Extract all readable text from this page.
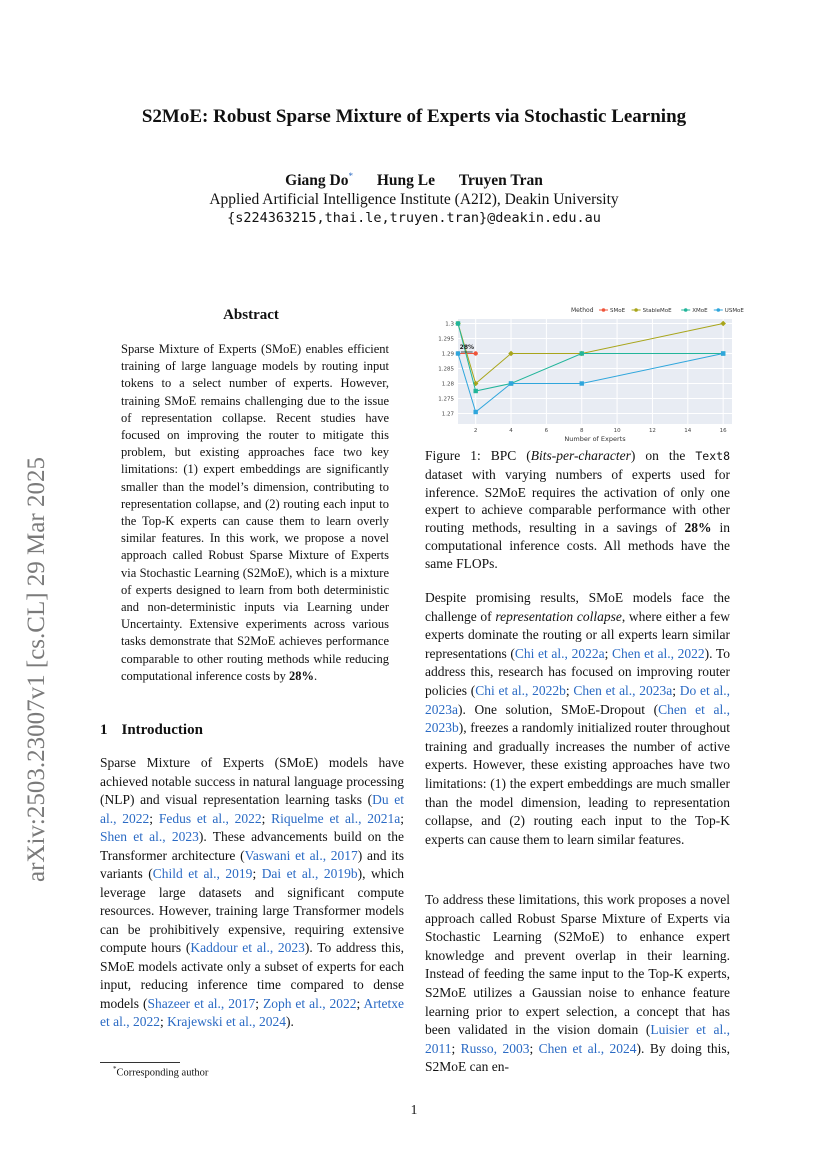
S2MoE: Robust Sparse Mixture of Experts via Stochastic Learning
Giang Do* Hung Le Truyen Tran
Applied Artificial Intelligence Institute (A2I2), Deakin University
{s224363215,thai.le,truyen.tran}@deakin.edu.au
arXiv:2503.23007v1 [cs.CL] 29 Mar 2025
Abstract

Sparse Mixture of Experts (SMoE) enables efficient training of large language models by routing input tokens to a select number of experts. However, training SMoE remains challenging due to the issue of representation collapse. Recent studies have focused on improving the router to mitigate this problem, but existing approaches face two key limitations: (1) expert embeddings are significantly smaller than the model’s dimension, contributing to representation collapse, and (2) routing each input to the Top-K experts can cause them to learn overly similar features. In this work, we propose a novel approach called Robust Sparse Mixture of Experts via Stochastic Learning (S2MoE), which is a mixture of experts designed to learn from both deterministic and non-deterministic inputs via Learning under Uncertainty. Extensive experiments across various tasks demonstrate that S2MoE achieves performance comparable to other routing methods while reducing computational inference costs by 28%.

1 Introduction

Sparse Mixture of Experts (SMoE) models have achieved notable success in natural language processing (NLP) and visual representation learning tasks (Du et al., 2022; Fedus et al., 2022; Riquelme et al., 2021a; Shen et al., 2023). These advancements build on the Transformer architecture (Vaswani et al., 2017) and its variants (Child et al., 2019; Dai et al., 2019b), which leverage large datasets and significant compute resources. However, training large Transformer models can be prohibitively expensive, requiring extensive compute hours (Kaddour et al., 2023). To address this, SMoE models activate only a subset of experts for each input, reducing inference time compared to dense models (Shazeer et al., 2017; Zoph et al., 2022; Artetxe et al., 2022; Krajewski et al., 2024).

*Corresponding author
1
1.27
1.275
1.28
1.285
1.29
1.295
1.3
2	4	6	8	10	12	14	16
Number of Experts
Method	SMoE	StableMoE	XMoE	USMoE
28%

Figure 1: BPC (Bits-per-character) on the Text8 dataset with varying numbers of experts used for inference. S2MoE requires the activation of only one expert to achieve comparable performance with other routing methods, resulting in a savings of 28% in computational inference costs. All methods have the same FLOPs.

Despite promising results, SMoE models face the challenge of representation collapse, where either a few experts dominate the routing or all experts learn similar representations (Chi et al., 2022a; Chen et al., 2022). To address this, research has focused on improving router policies (Chi et al., 2022b; Chen et al., 2023a; Do et al., 2023a). One solution, SMoE-Dropout (Chen et al., 2023b), freezes a randomly initialized router throughout training and gradually increases the number of active experts. However, these existing approaches have two limitations: (1) the expert embeddings are much smaller than the model dimension, leading to representation collapse, and (2) routing each input to the Top-K experts can cause them to learn similar features.

To address these limitations, this work proposes a novel approach called Robust Sparse Mixture of Experts via Stochastic Learning (S2MoE) to enhance expert knowledge and prevent overlap in their learning. Instead of feeding the same input to the Top-K experts, S2MoE utilizes a Gaussian noise to enhance feature learning prior to expert selection, a concept that has been validated in the vision domain (Luisier et al., 2011; Russo, 2003; Chen et al., 2024). By doing this, S2MoE can en-
